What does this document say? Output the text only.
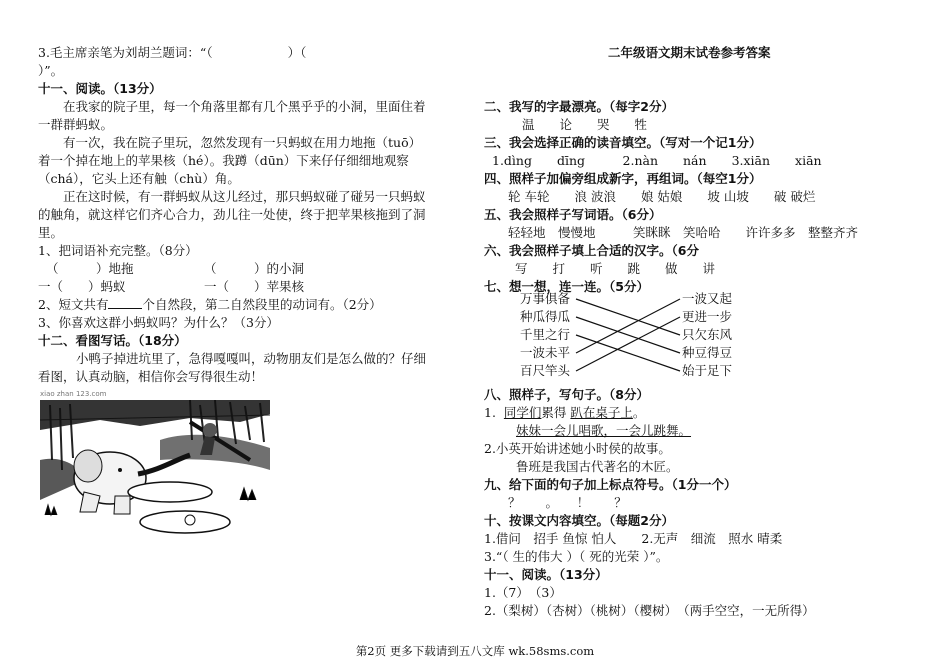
3.毛主席亲笔为刘胡兰题词：“（　　　　　　）（
）”。
十一、阅读。（13分）
在我家的院子里，每一个角落里都有几个黑乎乎的小洞，里面住着
一群群蚂蚁。
有一次，我在院子里玩，忽然发现有一只蚂蚁在用力地拖（tuō）
着一个掉在地上的苹果核（hé）。我蹲（dūn）下来仔仔细细地观察
（chá），它头上还有触（chù）角。
正在这时候，有一群蚂蚁从这儿经过，那只蚂蚁碰了碰另一只蚂蚁
的触角，就这样它们齐心合力，劲儿往一处使，终于把苹果核拖到了洞
里。
1、把词语补充完整。（8分）
（　　　）地拖	（　　　）的小洞
一（　　）蚂蚁	一（　　）苹果核
2、短文共有	个自然段，第二自然段里的动词有。（2分）
3、你喜欢这群小蚂蚁吗？为什么？（3分）
十二、看图写话。（18分）
小鸭子掉进坑里了，急得嘎嘎叫，动物朋友们是怎么做的？仔细
看图，认真动脑，相信你会写得很生动！
xiao zhan 123.com
二年级语文期末试卷参考答案
二、我写的字最漂亮。（每字2分）
温　　论　　哭　　牲
三、我会选择正确的读音填空。（写对一个记1分）
1.dìng　　dīng　　　2.nàn　　nán　　3.xiān　　xiān
四、照样子加偏旁组成新字，再组词。（每空1分）
轮 车轮　　浪 波浪　　娘 姑娘　　坡 山坡　　破 破烂
五、我会照样子写词语。（6分）
轻轻地　慢慢地　　　笑眯眯　笑哈哈　　许许多多　整整齐齐
六、我会照样子填上合适的汉字。（6分
写　　打　　听　　跳　　做　　讲
七、想一想，连一连。（5分）
万事俱备
种瓜得瓜
千里之行
一波未平
百尺竿头
一波又起
更进一步
只欠东风
种豆得豆
始于足下
八、照样子，写句子。（8分）
1. 同学们累得 趴在桌子上。
妹妹一会儿唱歌，一会儿跳舞。
2.小英开始讲述她小时侯的故事。
鲁班是我国古代著名的木匠。
九、给下面的句子加上标点符号。（1分一个）
？　　。　　！　　？
十、按课文内容填空。（每题2分）
1.借问　招手 鱼惊 怕人　　2.无声　细流　照水 晴柔
3.“（ 生的伟大 ）（ 死的光荣 ）”。
十一、阅读。（13分）
1.（7）　（3）
2.（梨树）（杏树）（桃树）（樱树）　（两手空空，一无所得）
第2页 更多下载请到五八文库 wk.58sms.com
